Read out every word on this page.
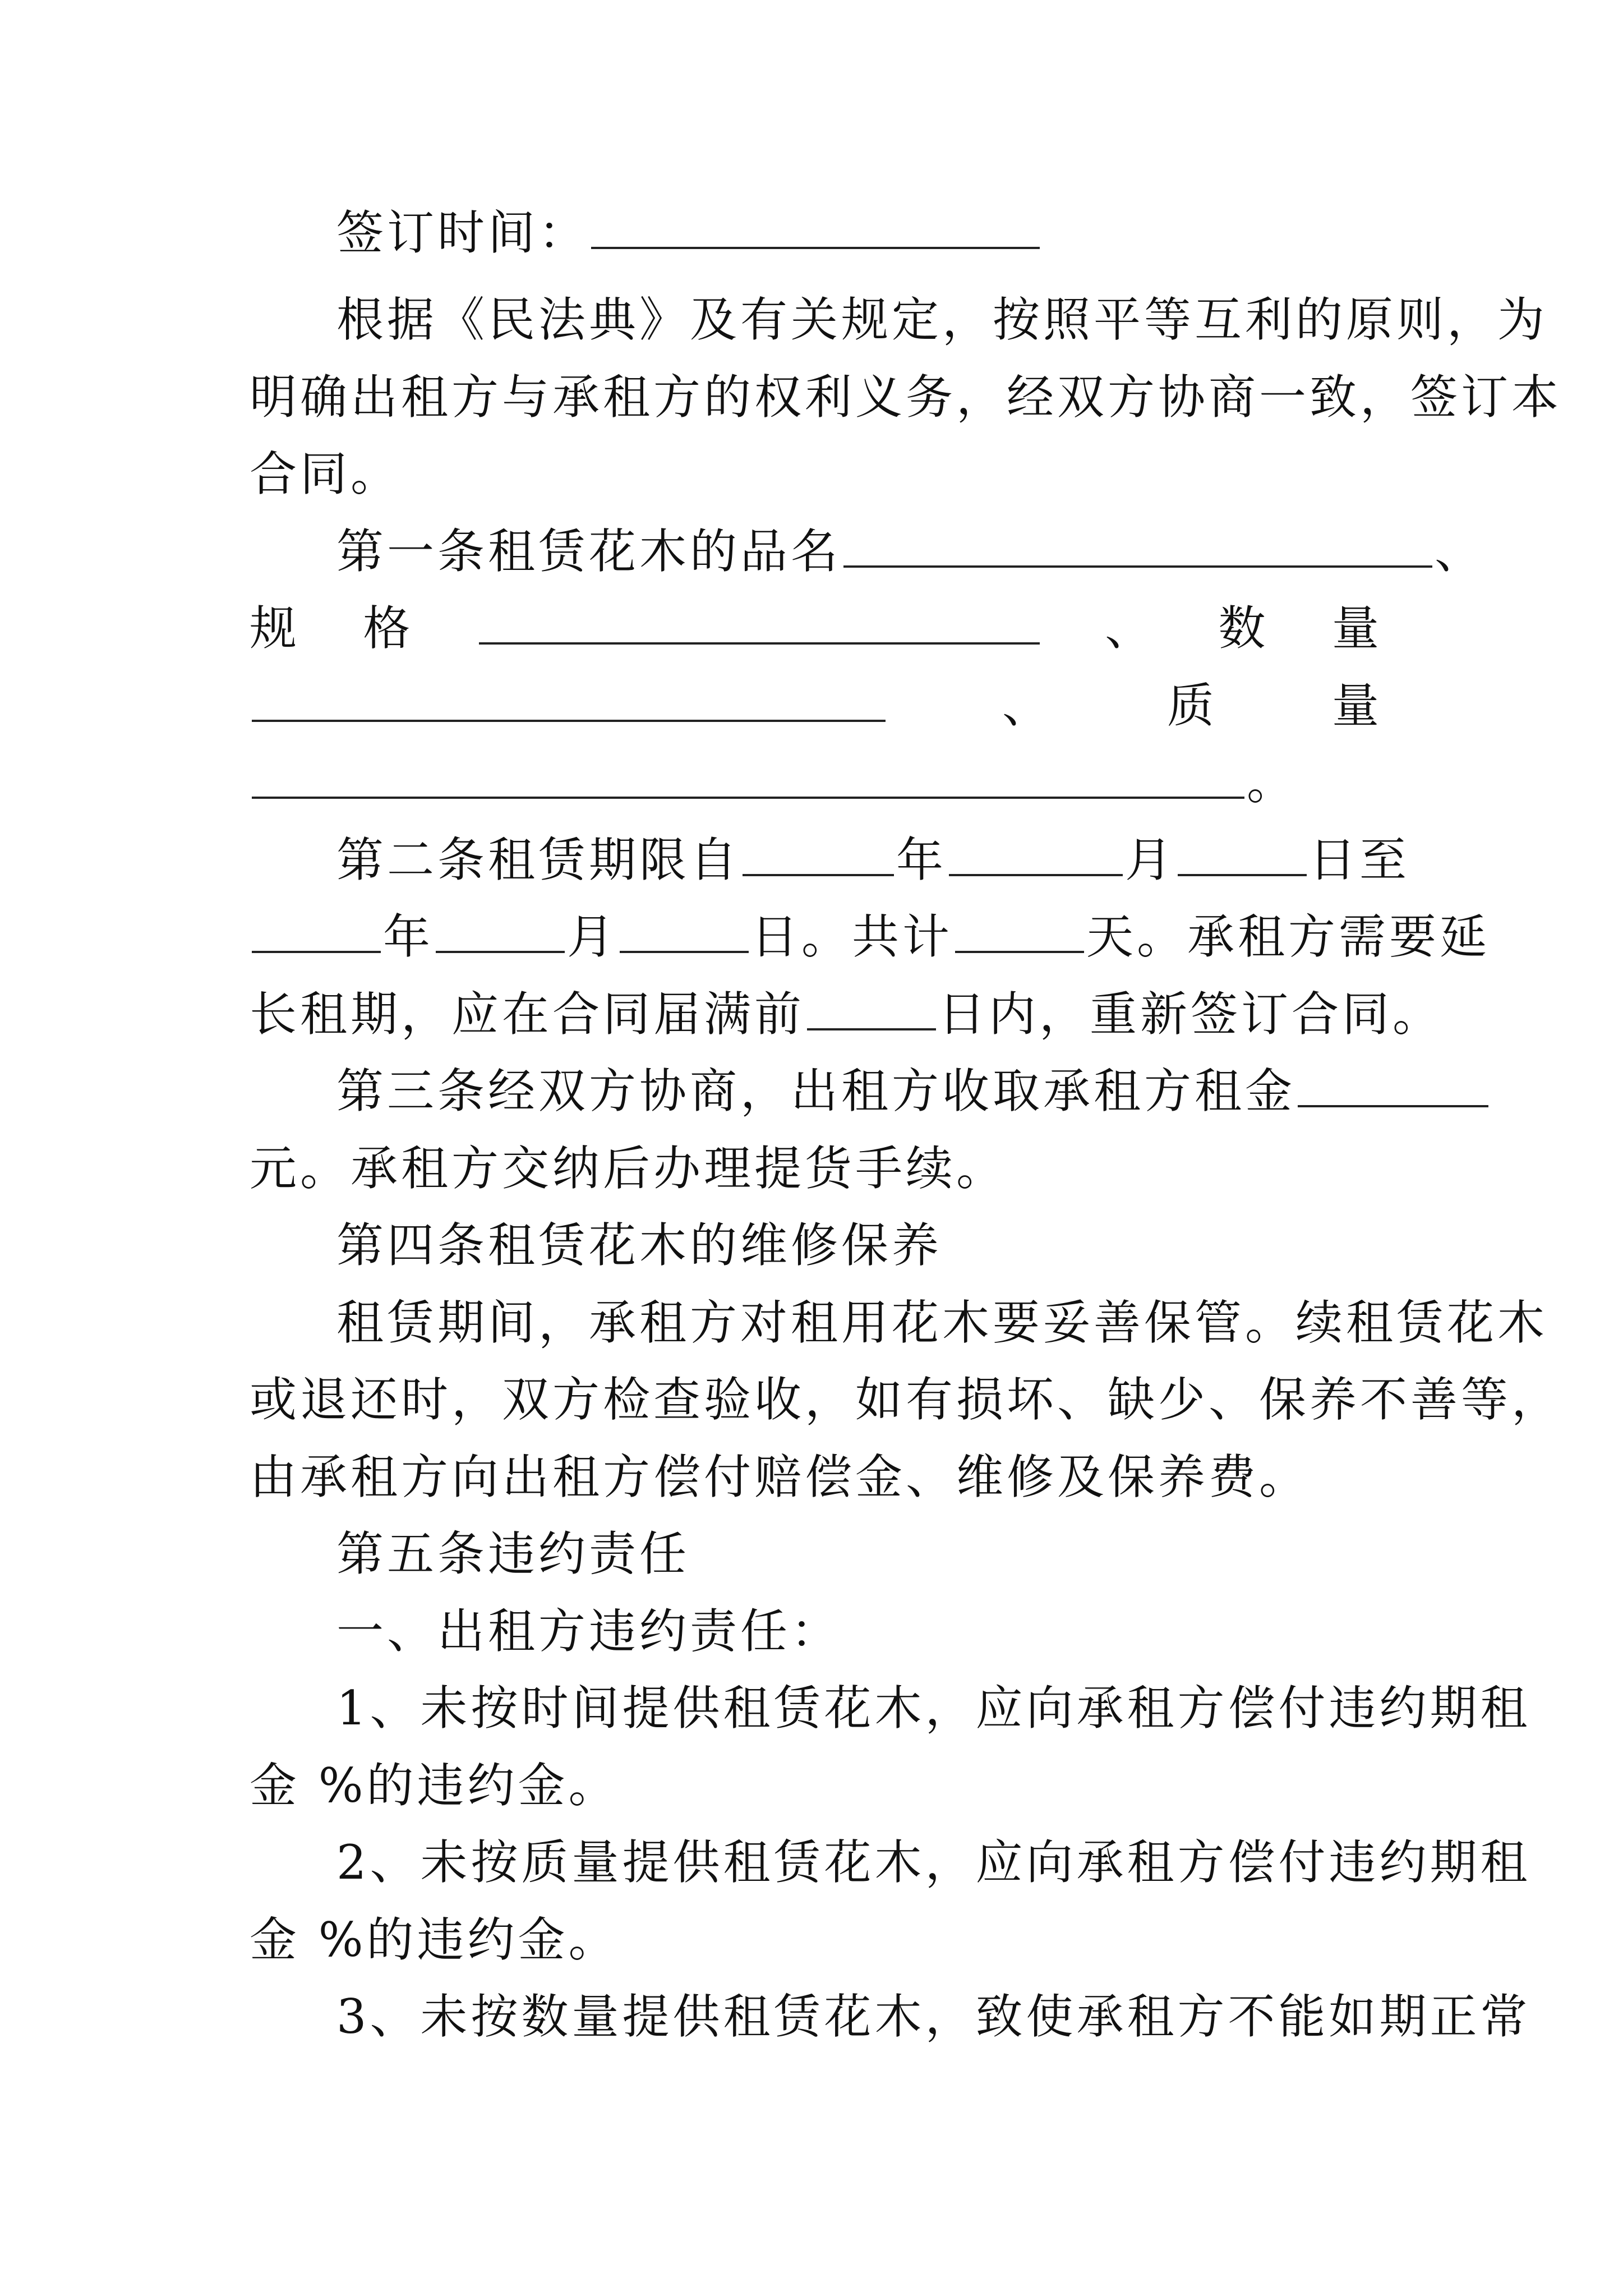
签订时间：
根据《民法典》及有关规定，按照平等互利的原则，为
明确出租方与承租方的权利义务，经双方协商一致，签订本
合同。
第一条租赁花木的品名	、
规 格	、 数 量
、 质 量
。
第二条租赁期限自	年	月	日至
年	月	日。共计	天。承租方需要延
长租期，应在合同届满前	日内，重新签订合同。
第三条经双方协商，出租方收取承租方租金
元。承租方交纳后办理提货手续。
第四条租赁花木的维修保养
租赁期间，承租方对租用花木要妥善保管。续租赁花木
或退还时，双方检查验收，如有损坏、缺少、保养不善等，
由承租方向出租方偿付赔偿金、维修及保养费。
第五条违约责任
一、出租方违约责任：
1、未按时间提供租赁花木，应向承租方偿付违约期租
金 %的违约金。
2、未按质量提供租赁花木，应向承租方偿付违约期租
金 %的违约金。
3、未按数量提供租赁花木，致使承租方不能如期正常
